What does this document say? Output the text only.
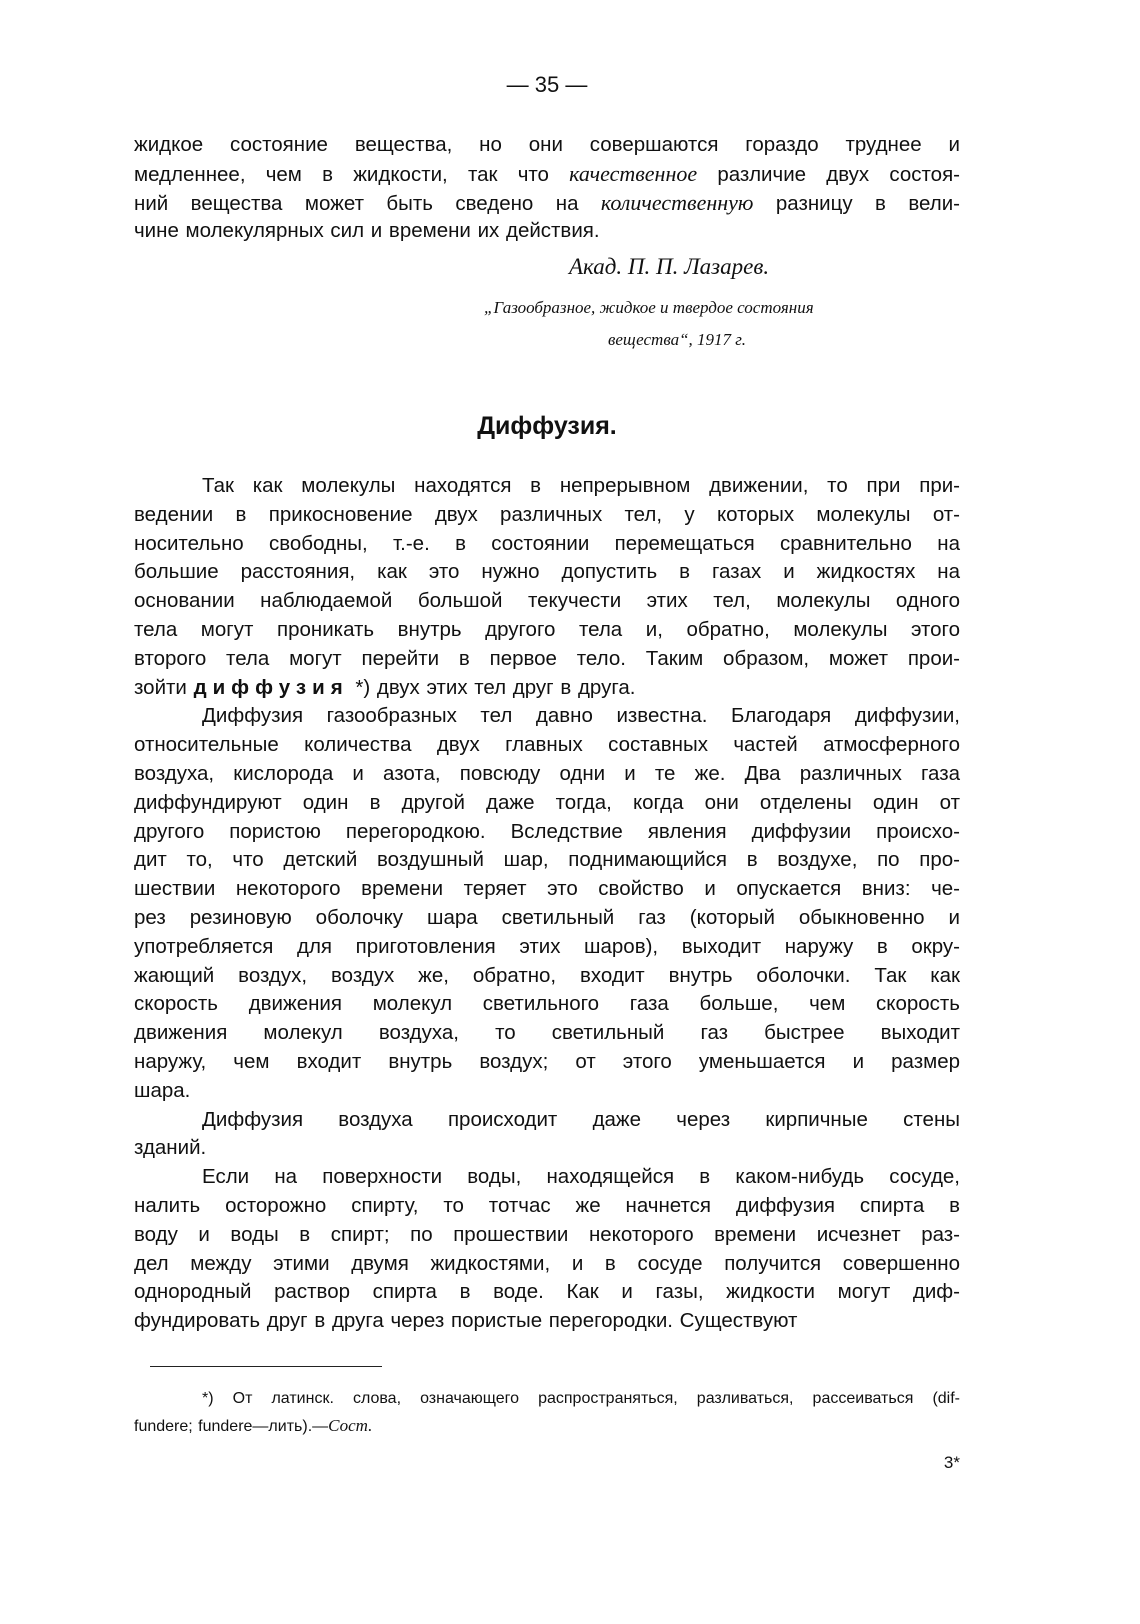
— 35 —
жидкое состояние вещества, но они совершаются гораздо труднее и
медленнее, чем в жидкости, так что качественное различие двух состоя-
ний вещества может быть сведено на количественную разницу в вели-
чине молекулярных сил и времени их действия.
Акад. П. П. Лазарев.
„Газообразное, жидкое и твердое состояния
вещества“, 1917 г.
Диффузия.
Так как молекулы находятся в непрерывном движении, то при при-
ведении в прикосновение двух различных тел, у которых молекулы от-
носительно свободны, т.-е. в состоянии перемещаться сравнительно на
большие расстояния, как это нужно допустить в газах и жидкостях на
основании наблюдаемой большой текучести этих тел, молекулы одного
тела могут проникать внутрь другого тела и, обратно, молекулы этого
второго тела могут перейти в первое тело. Таким образом, может прои-
зойти диффузия *) двух этих тел друг в друга.
Диффузия газообразных тел давно известна. Благодаря диффузии,
относительные количества двух главных составных частей атмосферного
воздуха, кислорода и азота, повсюду одни и те же. Два различных газа
диффундируют один в другой даже тогда, когда они отделены один от
другого пористою перегородкою. Вследствие явления диффузии происхо-
дит то, что детский воздушный шар, поднимающийся в воздухе, по про-
шествии некоторого времени теряет это свойство и опускается вниз: че-
рез резиновую оболочку шара светильный газ (который обыкновенно и
употребляется для приготовления этих шаров), выходит наружу в окру-
жающий воздух, воздух же, обратно, входит внутрь оболочки. Так как
скорость движения молекул светильного газа больше, чем скорость
движения молекул воздуха, то светильный газ быстрее выходит
наружу, чем входит внутрь воздух; от этого уменьшается и размер
шара.
Диффузия воздуха происходит даже через кирпичные стены
зданий.
Если на поверхности воды, находящейся в каком-нибудь сосуде,
налить осторожно спирту, то тотчас же начнется диффузия спирта в
воду и воды в спирт; по прошествии некоторого времени исчезнет раз-
дел между этими двумя жидкостями, и в сосуде получится совершенно
однородный раствор спирта в воде. Как и газы, жидкости могут диф-
фундировать друг в друга через пористые перегородки. Существуют
*) От латинск. слова, означающего распространяться, разливаться, рассеиваться (dif-
fundere; fundere—лить).—Сост.
3*
